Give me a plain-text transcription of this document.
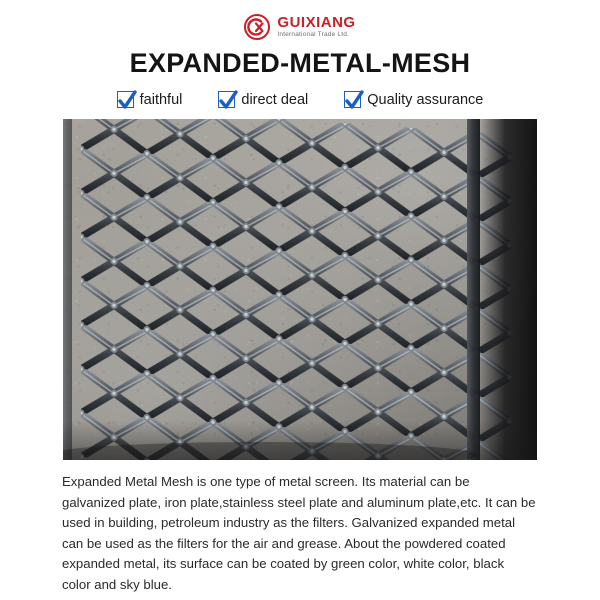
GUIXIANG
International Trade Ltd.
EXPANDED-METAL-MESH
faithful	direct deal	Quality assurance

Expanded Metal Mesh is one type of metal screen. Its material can be galvanized plate, iron plate,stainless steel plate and aluminum plate,etc. It can be used in building, petroleum industry as the filters. Galvanized expanded metal can be used as the filters for the air and grease. About the powdered coated expanded metal, its surface can be coated by green color, white color, black color and sky blue.
